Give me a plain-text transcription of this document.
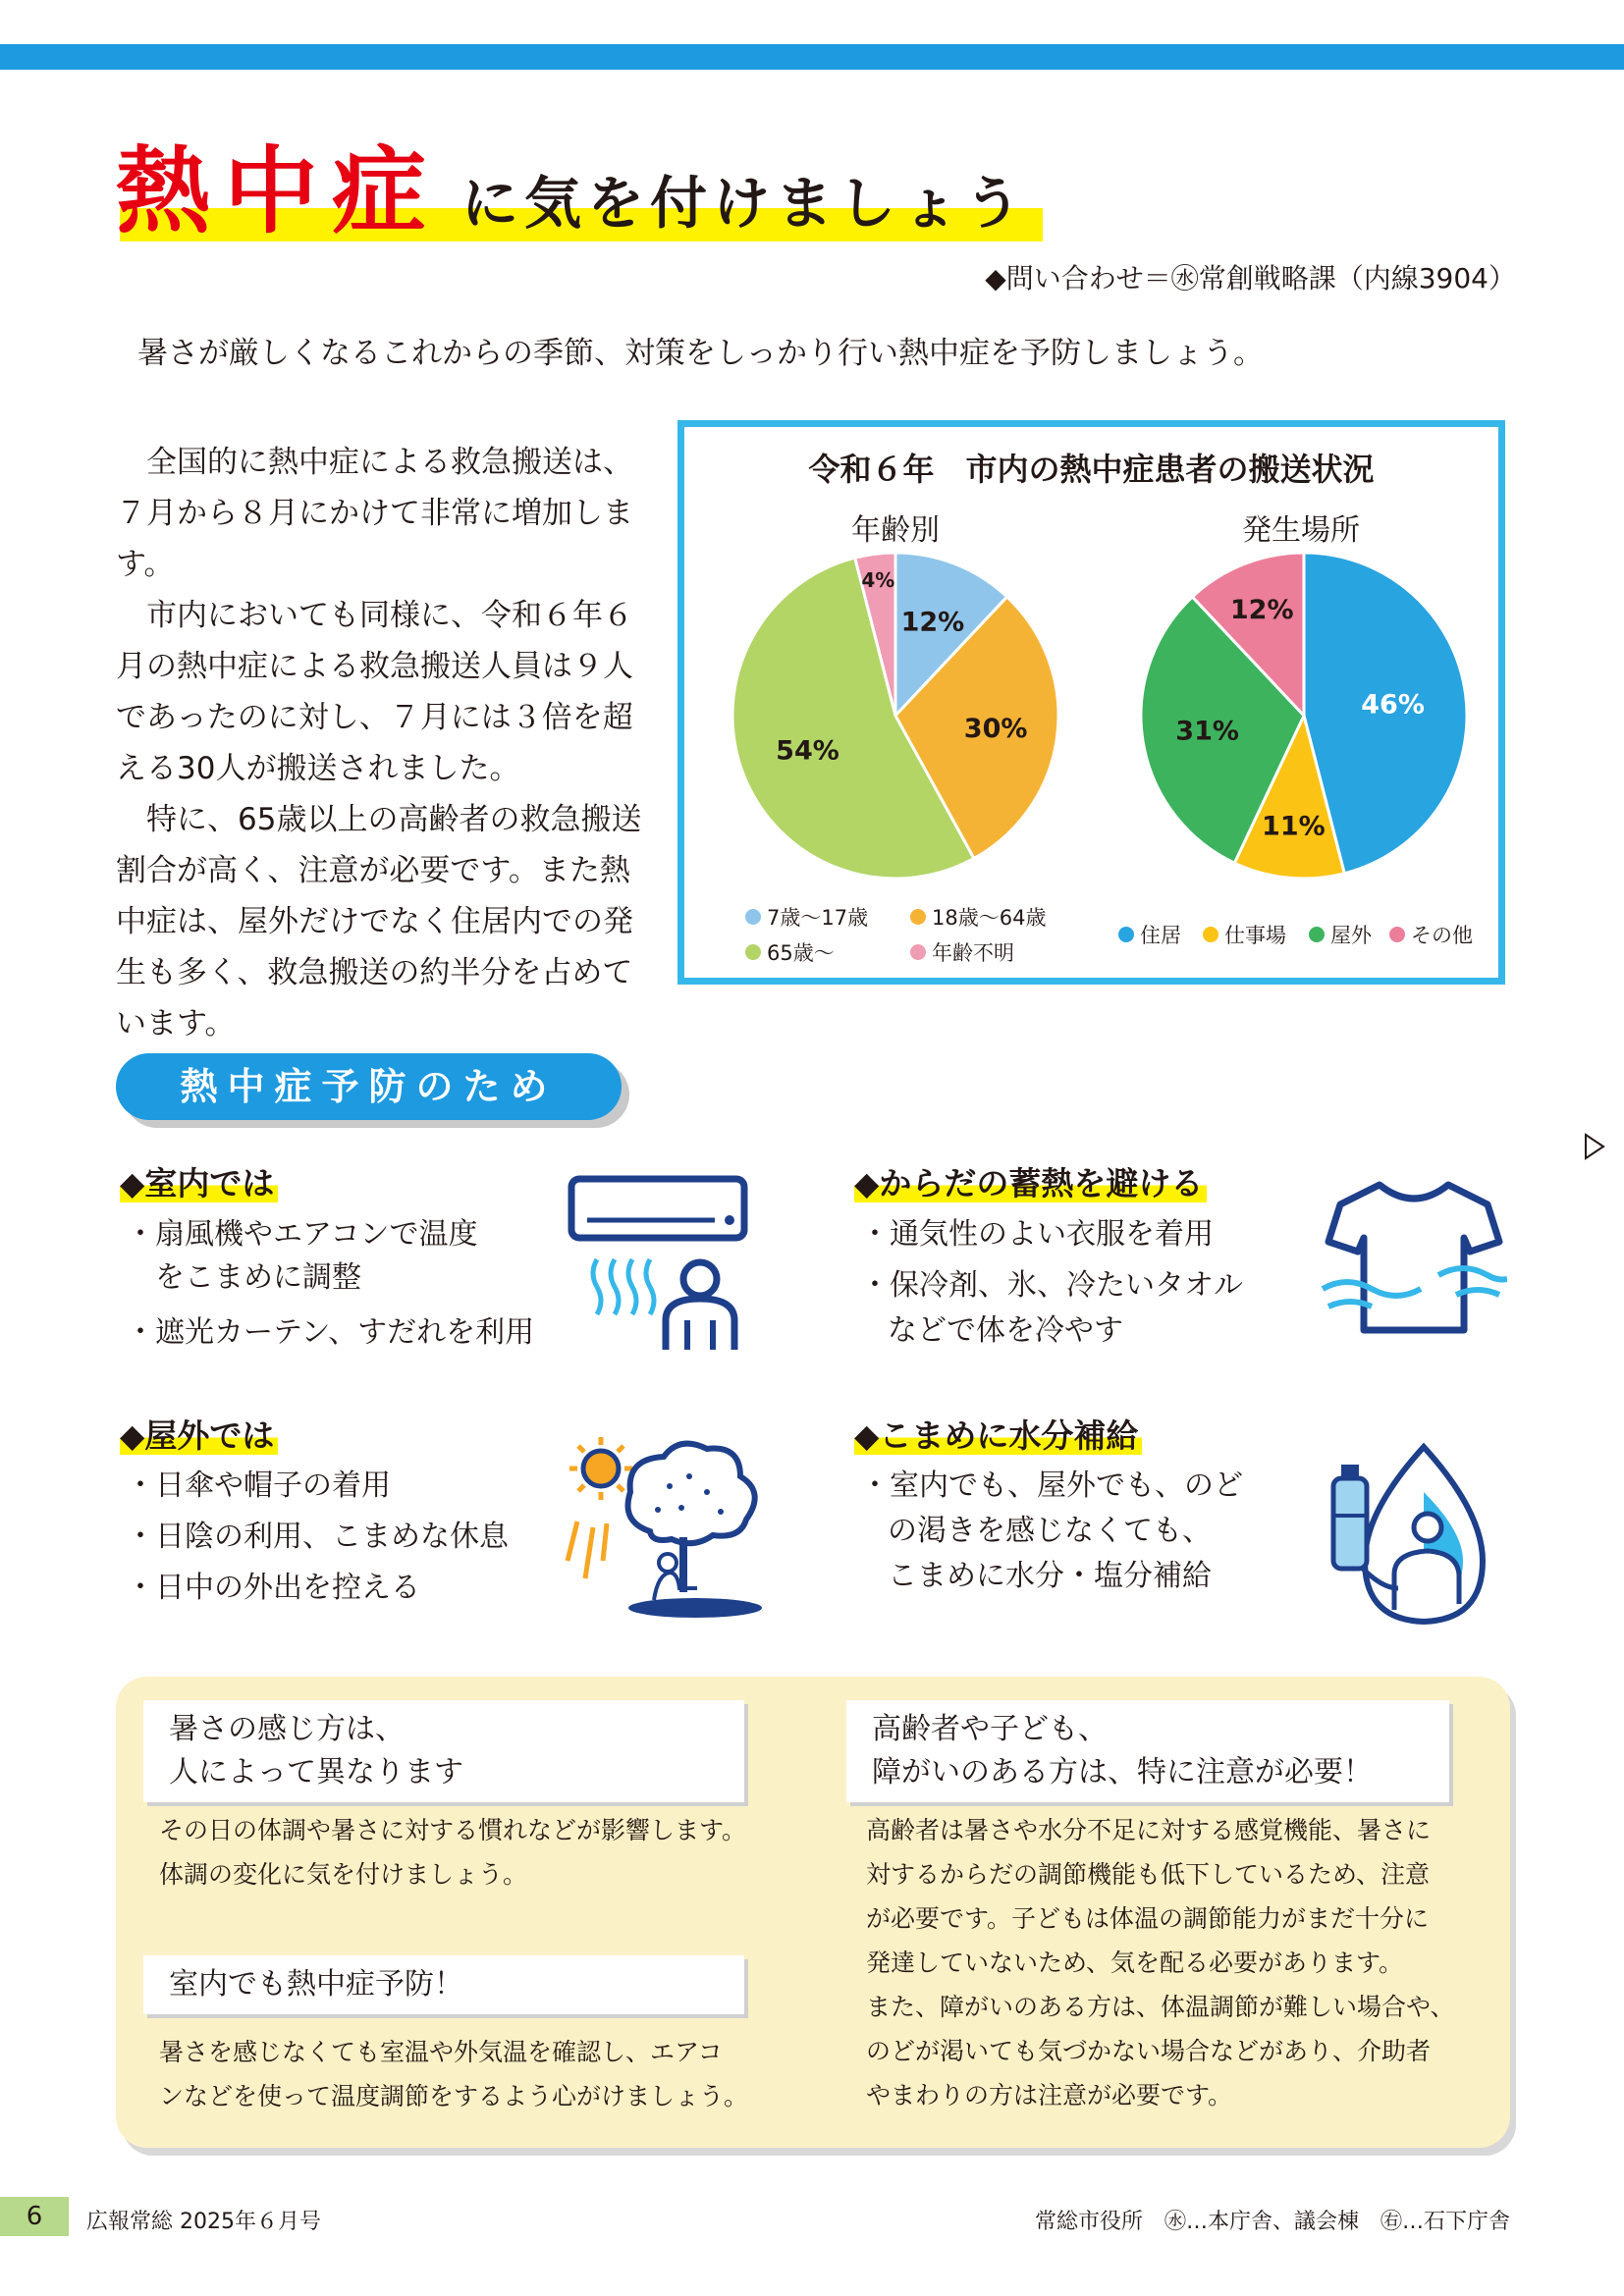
熱中症 に気を付けましょう
◆問い合わせ＝㊌常創戦略課（内線3904）
暑さが厳しくなるこれからの季節、対策をしっかり行い熱中症を予防しましょう。

全国的に熱中症による救急搬送は、７月から８月にかけて非常に増加します。

市内においても同様に、令和６年６月の熱中症による救急搬送人員は９人であったのに対し、７月には３倍を超える30人が搬送されました。

特に、65歳以上の高齢者の救急搬送割合が高く、注意が必要です。また熱中症は、屋外だけでなく住居内での発生も多く、救急搬送の約半分を占めています。

令和６年　市内の熱中症患者の搬送状況
年齢別	発生場所
12%
30%
54%
4%
46%
11%
31%
12%
7歳～17歳	18歳～64歳
65歳～	年齢不明
住居 仕事場 屋外 その他
熱中症予防のため
◆室内では
・扇風機やエアコンで温度
をこまめに調整
・遮光カーテン、すだれを利用
◆からだの蓄熱を避ける
・通気性のよい衣服を着用
・保冷剤、氷、冷たいタオル
などで体を冷やす
◆屋外では
・日傘や帽子の着用
・日陰の利用、こまめな休息
・日中の外出を控える
◆こまめに水分補給
・室内でも、屋外でも、のど
の渇きを感じなくても、
こまめに水分・塩分補給
暑さの感じ方は、
人によって異なります
その日の体調や暑さに対する慣れなどが影響します。
体調の変化に気を付けましょう。
室内でも熱中症予防！
暑さを感じなくても室温や外気温を確認し、エアコ
ンなどを使って温度調節をするよう心がけましょう。
高齢者や子ども、
障がいのある方は、特に注意が必要！
高齢者は暑さや水分不足に対する感覚機能、暑さに
対するからだの調節機能も低下しているため、注意
が必要です。子どもは体温の調節能力がまだ十分に
発達していないため、気を配る必要があります。
また、障がいのある方は、体温調節が難しい場合や、
のどが渇いても気づかない場合などがあり、介助者
やまわりの方は注意が必要です。
6	広報常総 2025年６月号	常総市役所　㊌…本庁舎、議会棟　㊨…石下庁舎
